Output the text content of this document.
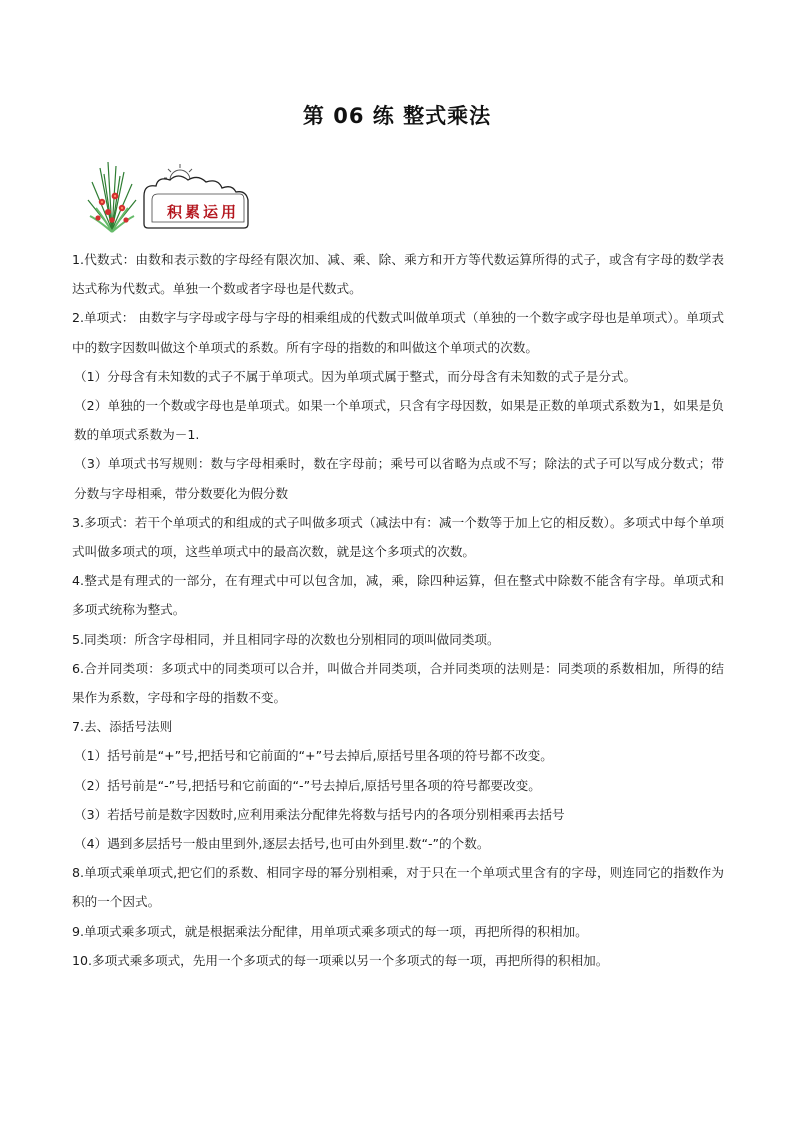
第 06 练 整式乘法
积累运用

1.代数式：由数和表示数的字母经有限次加、减、乘、除、乘方和开方等代数运算所得的式子，或含有字母的数学表达式称为代数式。单独一个数或者字母也是代数式。

2.单项式： 由数字与字母或字母与字母的相乘组成的代数式叫做单项式（单独的一个数字或字母也是单项式）。单项式中的数字因数叫做这个单项式的系数。所有字母的指数的和叫做这个单项式的次数。

（1）分母含有未知数的式子不属于单项式。因为单项式属于整式，而分母含有未知数的式子是分式。

（2）单独的一个数或字母也是单项式。如果一个单项式，只含有字母因数，如果是正数的单项式系数为1，如果是负数的单项式系数为－1.

（3）单项式书写规则：数与字母相乘时，数在字母前；乘号可以省略为点或不写；除法的式子可以写成分数式；带分数与字母相乘，带分数要化为假分数

3.多项式：若干个单项式的和组成的式子叫做多项式（减法中有：减一个数等于加上它的相反数）。多项式中每个单项式叫做多项式的项，这些单项式中的最高次数，就是这个多项式的次数。

4.整式是有理式的一部分，在有理式中可以包含加，减，乘，除四种运算，但在整式中除数不能含有字母。单项式和多项式统称为整式。

5.同类项：所含字母相同，并且相同字母的次数也分别相同的项叫做同类项。

6.合并同类项：多项式中的同类项可以合并，叫做合并同类项，合并同类项的法则是：同类项的系数相加，所得的结果作为系数，字母和字母的指数不变。

7.去、添括号法则

（1）括号前是“+”号,把括号和它前面的“+”号去掉后,原括号里各项的符号都不改变。

（2）括号前是“-”号,把括号和它前面的“-”号去掉后,原括号里各项的符号都要改变。

（3）若括号前是数字因数时,应利用乘法分配律先将数与括号内的各项分别相乘再去括号

（4）遇到多层括号一般由里到外,逐层去括号,也可由外到里.数“-”的个数。

8.单项式乘单项式,把它们的系数、相同字母的幂分别相乘，对于只在一个单项式里含有的字母，则连同它的指数作为积的一个因式。

9.单项式乘多项式，就是根据乘法分配律，用单项式乘多项式的每一项，再把所得的积相加。

10.多项式乘多项式，先用一个多项式的每一项乘以另一个多项式的每一项，再把所得的积相加。
